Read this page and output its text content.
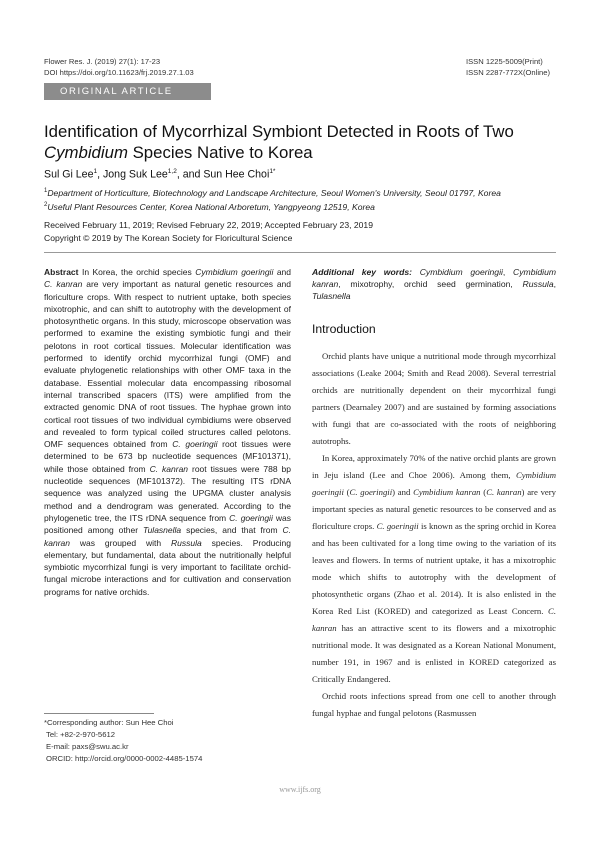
Flower Res. J. (2019) 27(1): 17-23
DOI https://doi.org/10.11623/frj.2019.27.1.03
ISSN 1225-5009(Print)
ISSN 2287-772X(Online)
ORIGINAL ARTICLE
Identification of Mycorrhizal Symbiont Detected in Roots of Two
Cymbidium Species Native to Korea
Sul Gi Lee$^1$, Jong Suk Lee$^{1,2}$, and Sun Hee Choi$^{1*}$
$^1$Department of Horticulture, Biotechnology and Landscape Architecture, Seoul Women's University, Seoul 01797, Korea
$^2$Useful Plant Resources Center, Korea National Arboretum, Yangpyeong 12519, Korea
Received February 11, 2019; Revised February 22, 2019; Accepted February 23, 2019
Copyright © 2019 by The Korean Society for Floricultural Science
Abstract In Korea, the orchid species Cymbidium goeringii and C. kanran are very important as natural genetic resources and floriculture crops. With respect to nutrient uptake, both species mixotrophic, and can shift to autotrophy with the development of photosynthetic organs. In this study, microscope observation was performed to examine the existing symbiotic fungi and their pelotons in root cortical tissues. Molecular identification was performed to identify orchid mycorrhizal fungi (OMF) and evaluate phylogenetic relationships with other OMF taxa in the database. Essential molecular data encompassing ribosomal internal transcribed spacers (ITS) were amplified from the extracted genomic DNA of root tissues. The hyphae grown into cortical root tissues of two individual cymbidiums were observed and revealed to form typical coiled structures called pelotons. OMF sequences obtained from C. goeringii root tissues were determined to be 673 bp nucleotide sequences (MF101371), while those obtained from C. kanran root tissues were 788 bp nucleotide sequences (MF101372). The resulting ITS rDNA sequence was analyzed using the UPGMA cluster analysis method and a dendrogram was generated. According to the phylogenetic tree, the ITS rDNA sequence from C. goeringii was positioned among other Tulasnella species, and that from C. kanran was grouped with Russula species. Producing elementary, but fundamental, data about the nutritionally helpful symbiotic mycorrhizal fungi is very important to facilitate orchid-fungal microbe interactions and for cultivation and conservation programs for native orchids.
Additional key words: Cymbidium goeringii, Cymbidium kanran, mixotrophy, orchid seed germination, Russula, Tulasnella
Introduction

Orchid plants have unique a nutritional mode through mycorrhizal associations (Leake 2004; Smith and Read 2008). Several terrestrial orchids are nutritionally dependent on their mycorrhizal fungi partners (Dearnaley 2007) and are sustained by forming associations with fungi that are co-associated with the roots of neighboring autotrophs.

In Korea, approximately 70% of the native orchid plants are grown in Jeju island (Lee and Choe 2006). Among them, Cymbidium goeringii (C. goeringii) and Cymbidium kanran (C. kanran) are very important species as natural genetic resources to be conserved and as floriculture crops. C. goeringii is known as the spring orchid in Korea and has been cultivated for a long time owing to the variation of its leaves and flowers. In terms of nutrient uptake, it has a mixotrophic mode which shifts to autotrophy with the development of photosynthetic organs (Zhao et al. 2014). It is also enlisted in the Korea Red List (KORED) and categorized as Least Concern. C. kanran has an attractive scent to its flowers and a mixotrophic nutritional mode. It was designated as a Korean National Monument, number 191, in 1967 and is enlisted in KORED categorized as Critically Endangered.

Orchid roots infections spread from one cell to another through fungal hyphae and fungal pelotons (Rasmussen

*Corresponding author: Sun Hee Choi
Tel: +82-2-970-5612
E-mail: paxs@swu.ac.kr
ORCID: http://orcid.org/0000-0002-4485-1574
www.ijfs.org
